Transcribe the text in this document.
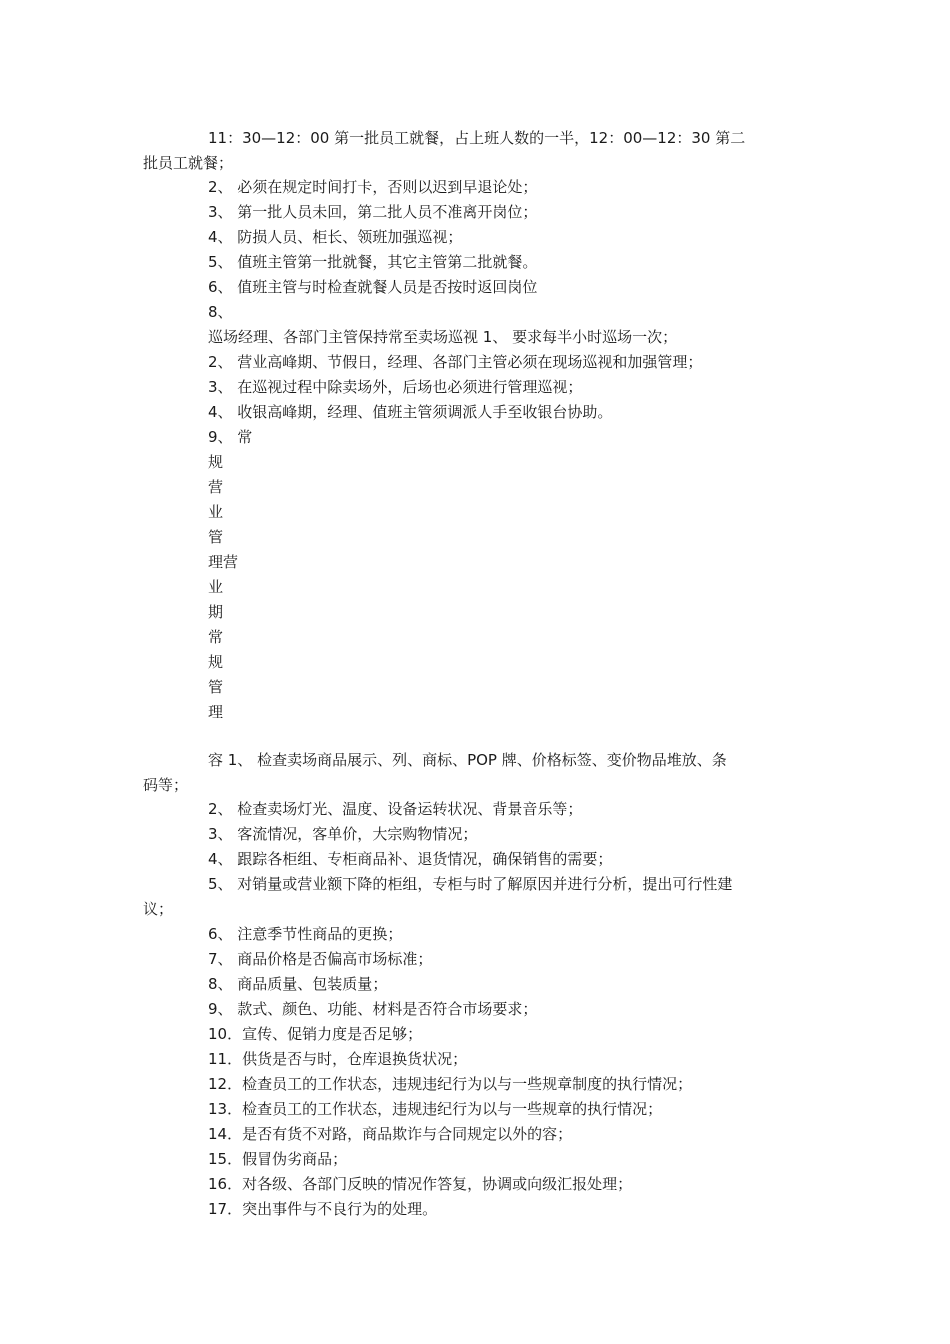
11：30—12：00 第一批员工就餐，占上班人数的一半，12：00—12：30 第二
批员工就餐；
2、 必须在规定时间打卡，否则以迟到早退论处；
3、 第一批人员未回，第二批人员不准离开岗位；
4、 防损人员、柜长、领班加强巡视；
5、 值班主管第一批就餐，其它主管第二批就餐。
6、 值班主管与时检查就餐人员是否按时返回岗位
8、
巡场经理、各部门主管保持常至卖场巡视 1、 要求每半小时巡场一次；
2、 营业高峰期、节假日，经理、各部门主管必须在现场巡视和加强管理；
3、 在巡视过程中除卖场外，后场也必须进行管理巡视；
4、 收银高峰期，经理、值班主管须调派人手至收银台协助。
9、 常
规
营
业
管
理营
业
期
常
规
管
理
容 1、 检查卖场商品展示、列、商标、POP 牌、价格标签、变价物品堆放、条
码等；
2、 检查卖场灯光、温度、设备运转状况、背景音乐等；
3、 客流情况，客单价，大宗购物情况；
4、 跟踪各柜组、专柜商品补、退货情况，确保销售的需要；
5、 对销量或营业额下降的柜组，专柜与时了解原因并进行分析，提出可行性建
议；
6、 注意季节性商品的更换；
7、 商品价格是否偏高市场标准；
8、 商品质量、包装质量；
9、 款式、颜色、功能、材料是否符合市场要求；
10．宣传、促销力度是否足够；
11．供货是否与时，仓库退换货状况；
12．检查员工的工作状态，违规违纪行为以与一些规章制度的执行情况；
13．检查员工的工作状态，违规违纪行为以与一些规章的执行情况；
14．是否有货不对路，商品欺诈与合同规定以外的容；
15．假冒伪劣商品；
16．对各级、各部门反映的情况作答复，协调或向级汇报处理；
17．突出事件与不良行为的处理。
